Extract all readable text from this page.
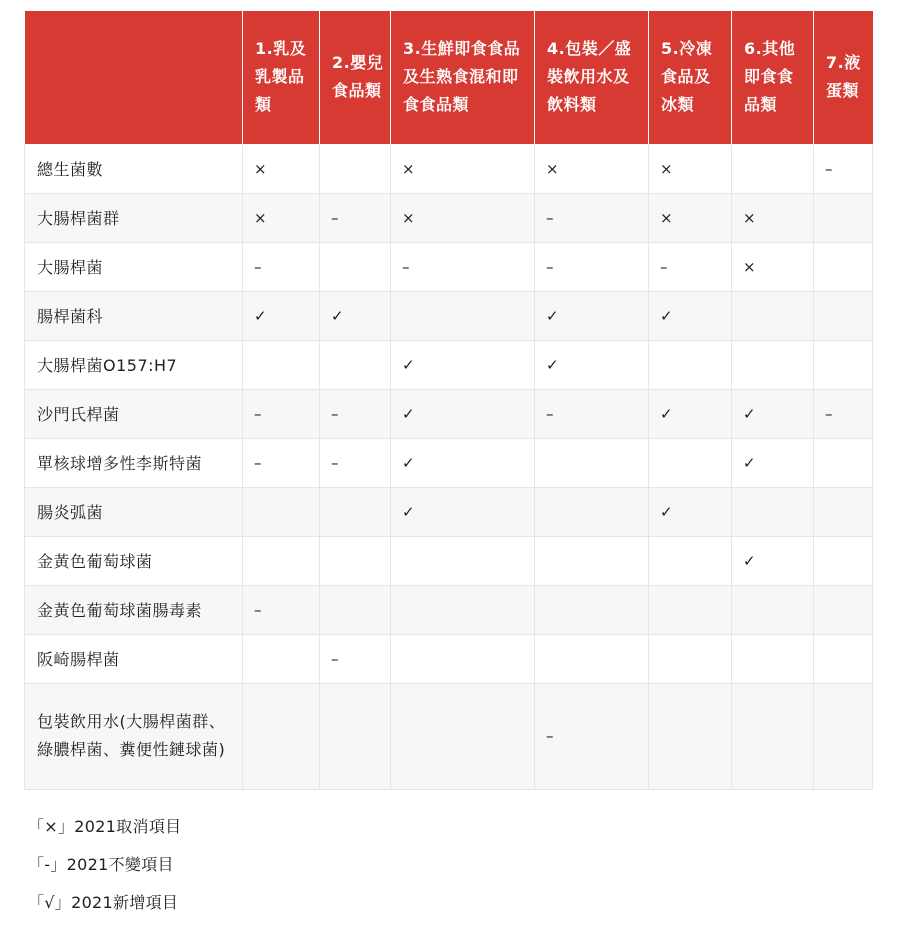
	1.乳及乳製品類	2.嬰兒食品類	3.生鮮即食食品及生熟食混和即食食品類	4.包裝／盛裝飲用水及飲料類	5.冷凍食品及冰類	6.其他即食食品類	7.液蛋類
總生菌數	×		×	×	×		–
大腸桿菌群	×	–	×	–	×	×	
大腸桿菌	–		–	–	–	×	
腸桿菌科	✓	✓		✓	✓		
大腸桿菌O157:H7			✓	✓			
沙門氏桿菌	–	–	✓	–	✓	✓	–
單核球增多性李斯特菌	–	–	✓			✓	
腸炎弧菌			✓		✓		
金黃色葡萄球菌						✓	
金黃色葡萄球菌腸毒素	–						
阪崎腸桿菌		–					
包裝飲用水(大腸桿菌群、綠膿桿菌、糞便性鏈球菌)				–			
「×」2021取消項目
「-」2021不變項目
「√」2021新增項目
